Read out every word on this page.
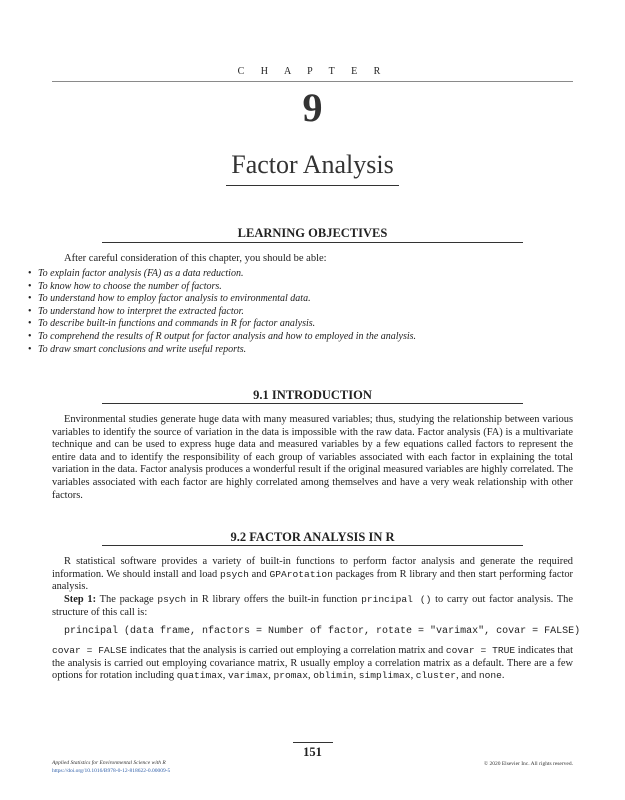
C H A P T E R
9
Factor Analysis
LEARNING OBJECTIVES
After careful consideration of this chapter, you should be able:
• To explain factor analysis (FA) as a data reduction.
• To know how to choose the number of factors.
• To understand how to employ factor analysis to environmental data.
• To understand how to interpret the extracted factor.
• To describe built-in functions and commands in R for factor analysis.
• To comprehend the results of R output for factor analysis and how to employed in the analysis.
• To draw smart conclusions and write useful reports.
9.1 INTRODUCTION

Environmental studies generate huge data with many measured variables; thus, studying the relationship between various variables to identify the source of variation in the data is impossible with the raw data. Factor analysis (FA) is a multivariate technique and can be used to express huge data and measured variables by a few equations called factors to represent the entire data and to identify the responsibility of each group of variables associated with each factor in explaining the total variation in the data. Factor analysis produces a wonderful result if the original measured variables are highly correlated. The variables associated with each factor are highly correlated among themselves and have a very weak relationship with other factors.

9.2 FACTOR ANALYSIS IN R

R statistical software provides a variety of built-in functions to perform factor analysis and generate the required information. We should install and load psych and GPArotation packages from R library and then start performing factor analysis.

Step 1: The package psych in R library offers the built-in function principal () to carry out factor analysis. The structure of this call is:

principal (data frame, nfactors = Number of factor, rotate = "varimax", covar = FALSE)

covar = FALSE indicates that the analysis is carried out employing a correlation matrix and covar = TRUE indicates that the analysis is carried out employing covariance matrix, R usually employ a correlation matrix as a default. There are a few options for rotation including quatimax, varimax, promax, oblimin, simplimax, cluster, and none.

151
Applied Statistics for Environmental Science with R
https://doi.org/10.1016/B978-0-12-818622-0.00009-5
© 2020 Elsevier Inc. All rights reserved.
